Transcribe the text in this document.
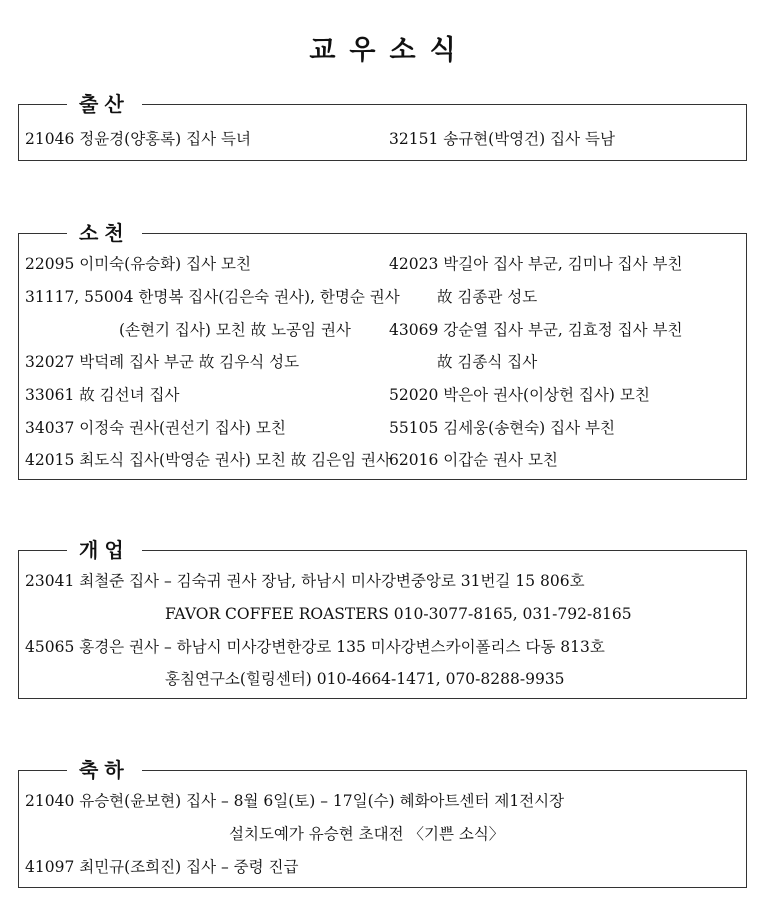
교우소식
출산
21046 정윤경(양홍록) 집사 득녀	32151 송규현(박영건) 집사 득남
소천
22095 이미숙(유승화) 집사 모친
31117, 55004 한명복 집사(김은숙 권사), 한명순 권사
(손현기 집사) 모친 故 노공임 권사
32027 박덕례 집사 부군 故 김우식 성도
33061 故 김선녀 집사
34037 이정숙 권사(권선기 집사) 모친
42015 최도식 집사(박영순 권사) 모친 故 김은임 권사
42023 박길아 집사 부군, 김미나 집사 부친
故 김종관 성도
43069 강순열 집사 부군, 김효정 집사 부친
故 김종식 집사
52020 박은아 권사(이상헌 집사) 모친
55105 김세웅(송현숙) 집사 부친
62016 이갑순 권사 모친
개업
23041 최철준 집사 – 김숙귀 권사 장남, 하남시 미사강변중앙로 31번길 15 806호
FAVOR COFFEE ROASTERS 010-3077-8165, 031-792-8165
45065 홍경은 권사 – 하남시 미사강변한강로 135 미사강변스카이폴리스 다동 813호
홍침연구소(힐링센터) 010-4664-1471, 070-8288-9935
축하
21040 유승현(윤보현) 집사 – 8월 6일(토) – 17일(수) 혜화아트센터 제1전시장
설치도예가 유승현 초대전 〈기쁜 소식〉
41097 최민규(조희진) 집사 – 중령 진급
